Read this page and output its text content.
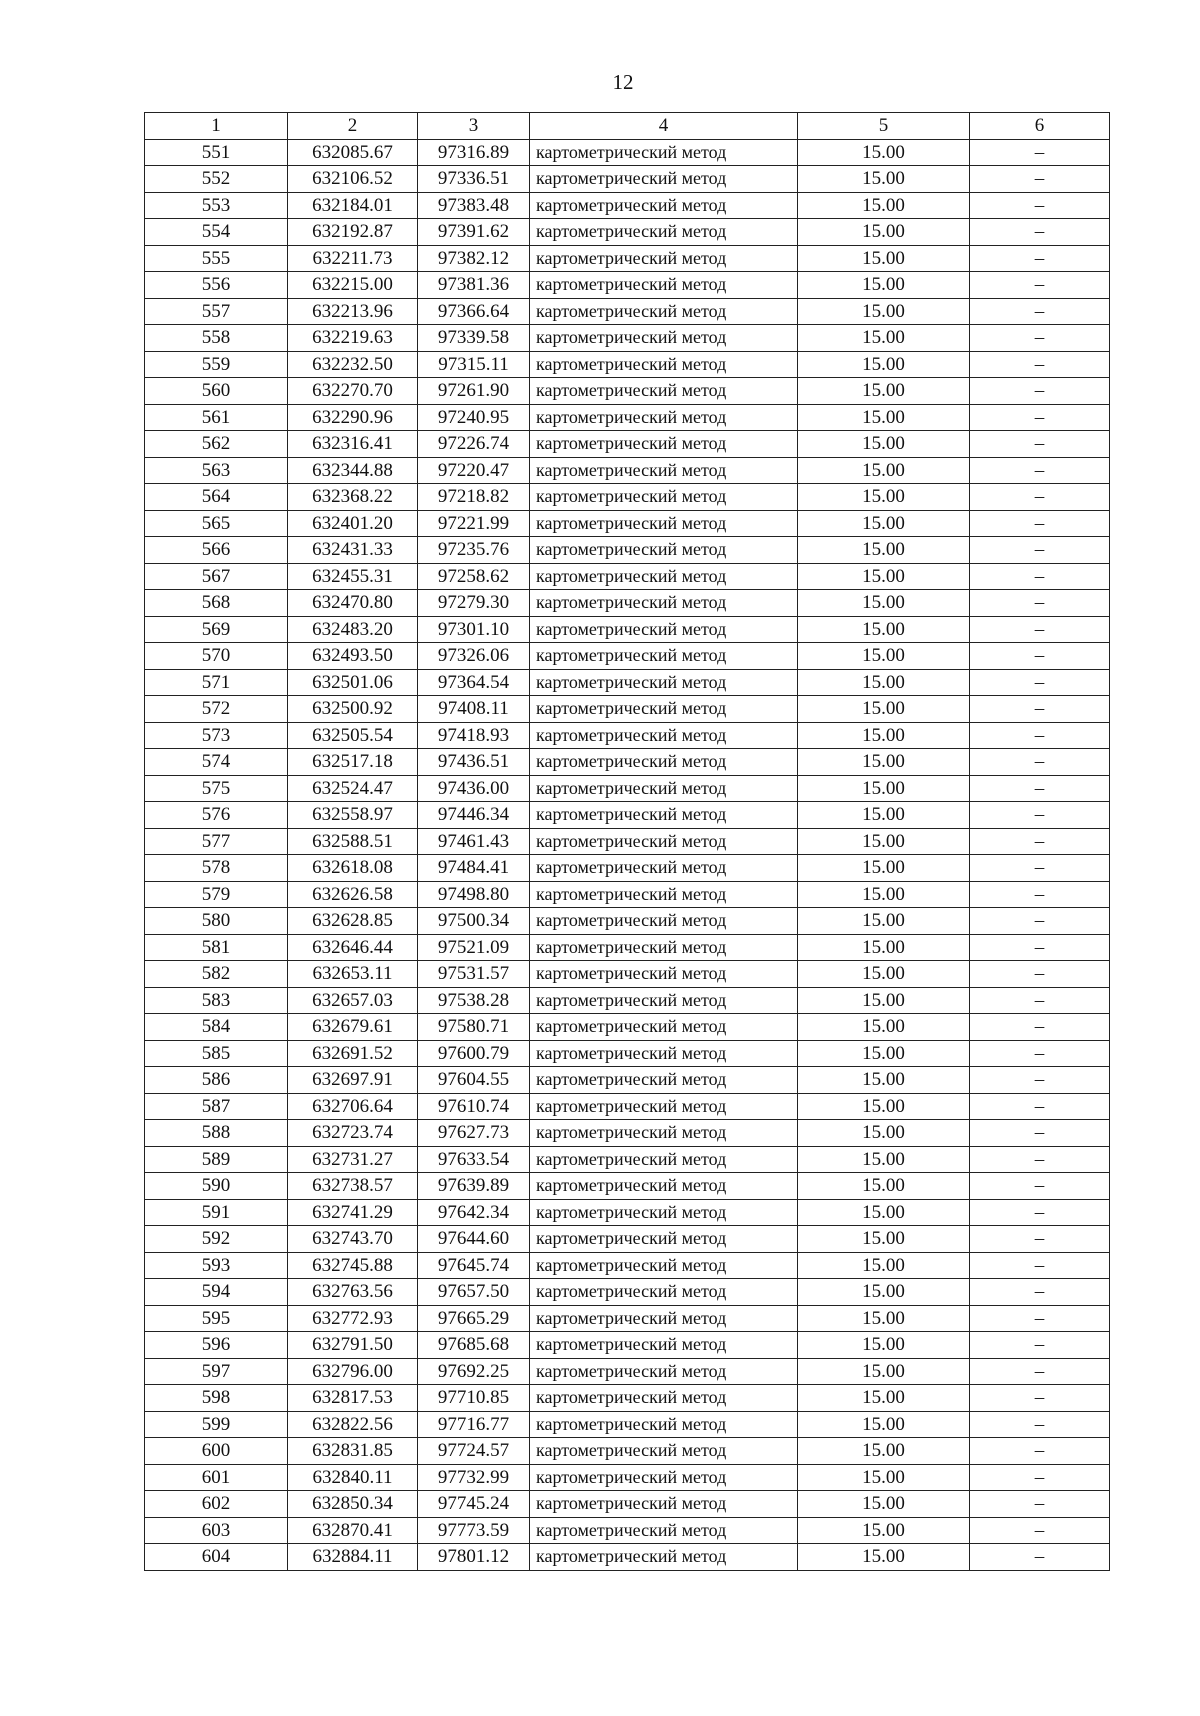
12
1	2	3	4	5	6
551	632085.67	97316.89	картометрический метод	15.00	–
552	632106.52	97336.51	картометрический метод	15.00	–
553	632184.01	97383.48	картометрический метод	15.00	–
554	632192.87	97391.62	картометрический метод	15.00	–
555	632211.73	97382.12	картометрический метод	15.00	–
556	632215.00	97381.36	картометрический метод	15.00	–
557	632213.96	97366.64	картометрический метод	15.00	–
558	632219.63	97339.58	картометрический метод	15.00	–
559	632232.50	97315.11	картометрический метод	15.00	–
560	632270.70	97261.90	картометрический метод	15.00	–
561	632290.96	97240.95	картометрический метод	15.00	–
562	632316.41	97226.74	картометрический метод	15.00	–
563	632344.88	97220.47	картометрический метод	15.00	–
564	632368.22	97218.82	картометрический метод	15.00	–
565	632401.20	97221.99	картометрический метод	15.00	–
566	632431.33	97235.76	картометрический метод	15.00	–
567	632455.31	97258.62	картометрический метод	15.00	–
568	632470.80	97279.30	картометрический метод	15.00	–
569	632483.20	97301.10	картометрический метод	15.00	–
570	632493.50	97326.06	картометрический метод	15.00	–
571	632501.06	97364.54	картометрический метод	15.00	–
572	632500.92	97408.11	картометрический метод	15.00	–
573	632505.54	97418.93	картометрический метод	15.00	–
574	632517.18	97436.51	картометрический метод	15.00	–
575	632524.47	97436.00	картометрический метод	15.00	–
576	632558.97	97446.34	картометрический метод	15.00	–
577	632588.51	97461.43	картометрический метод	15.00	–
578	632618.08	97484.41	картометрический метод	15.00	–
579	632626.58	97498.80	картометрический метод	15.00	–
580	632628.85	97500.34	картометрический метод	15.00	–
581	632646.44	97521.09	картометрический метод	15.00	–
582	632653.11	97531.57	картометрический метод	15.00	–
583	632657.03	97538.28	картометрический метод	15.00	–
584	632679.61	97580.71	картометрический метод	15.00	–
585	632691.52	97600.79	картометрический метод	15.00	–
586	632697.91	97604.55	картометрический метод	15.00	–
587	632706.64	97610.74	картометрический метод	15.00	–
588	632723.74	97627.73	картометрический метод	15.00	–
589	632731.27	97633.54	картометрический метод	15.00	–
590	632738.57	97639.89	картометрический метод	15.00	–
591	632741.29	97642.34	картометрический метод	15.00	–
592	632743.70	97644.60	картометрический метод	15.00	–
593	632745.88	97645.74	картометрический метод	15.00	–
594	632763.56	97657.50	картометрический метод	15.00	–
595	632772.93	97665.29	картометрический метод	15.00	–
596	632791.50	97685.68	картометрический метод	15.00	–
597	632796.00	97692.25	картометрический метод	15.00	–
598	632817.53	97710.85	картометрический метод	15.00	–
599	632822.56	97716.77	картометрический метод	15.00	–
600	632831.85	97724.57	картометрический метод	15.00	–
601	632840.11	97732.99	картометрический метод	15.00	–
602	632850.34	97745.24	картометрический метод	15.00	–
603	632870.41	97773.59	картометрический метод	15.00	–
604	632884.11	97801.12	картометрический метод	15.00	–
